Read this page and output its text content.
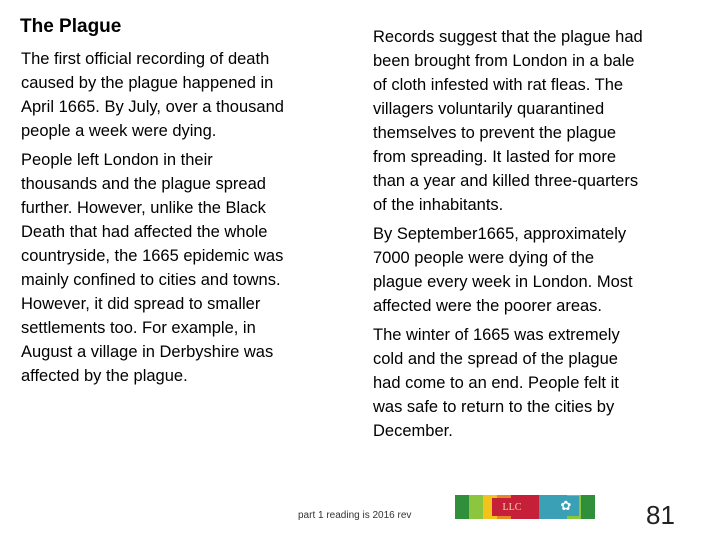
The Plague

The first official recording of death
caused by the plague happened in
April 1665. By July, over a thousand
people a week were dying.

People left London in their
thousands and the plague spread
further. However, unlike the Black
Death that had affected the whole
countryside, the 1665 epidemic was
mainly confined to cities and towns.
However, it did spread to smaller
settlements too. For example, in
August a village in Derbyshire was
affected by the plague.

Records suggest that the plague had
been brought from London in a bale
of cloth infested with rat fleas. The
villagers voluntarily quarantined
themselves to prevent the plague
from spreading. It lasted for more
than a year and killed three-quarters
of the inhabitants.

By September1665, approximately
7000 people were dying of the
plague every week in London. Most
affected were the poorer areas.

The winter of 1665 was extremely
cold and the spread of the plague
had come to an end. People felt it
was safe to return to the cities by
December.

part 1 reading is 2016 rev
LLC	✿	81
